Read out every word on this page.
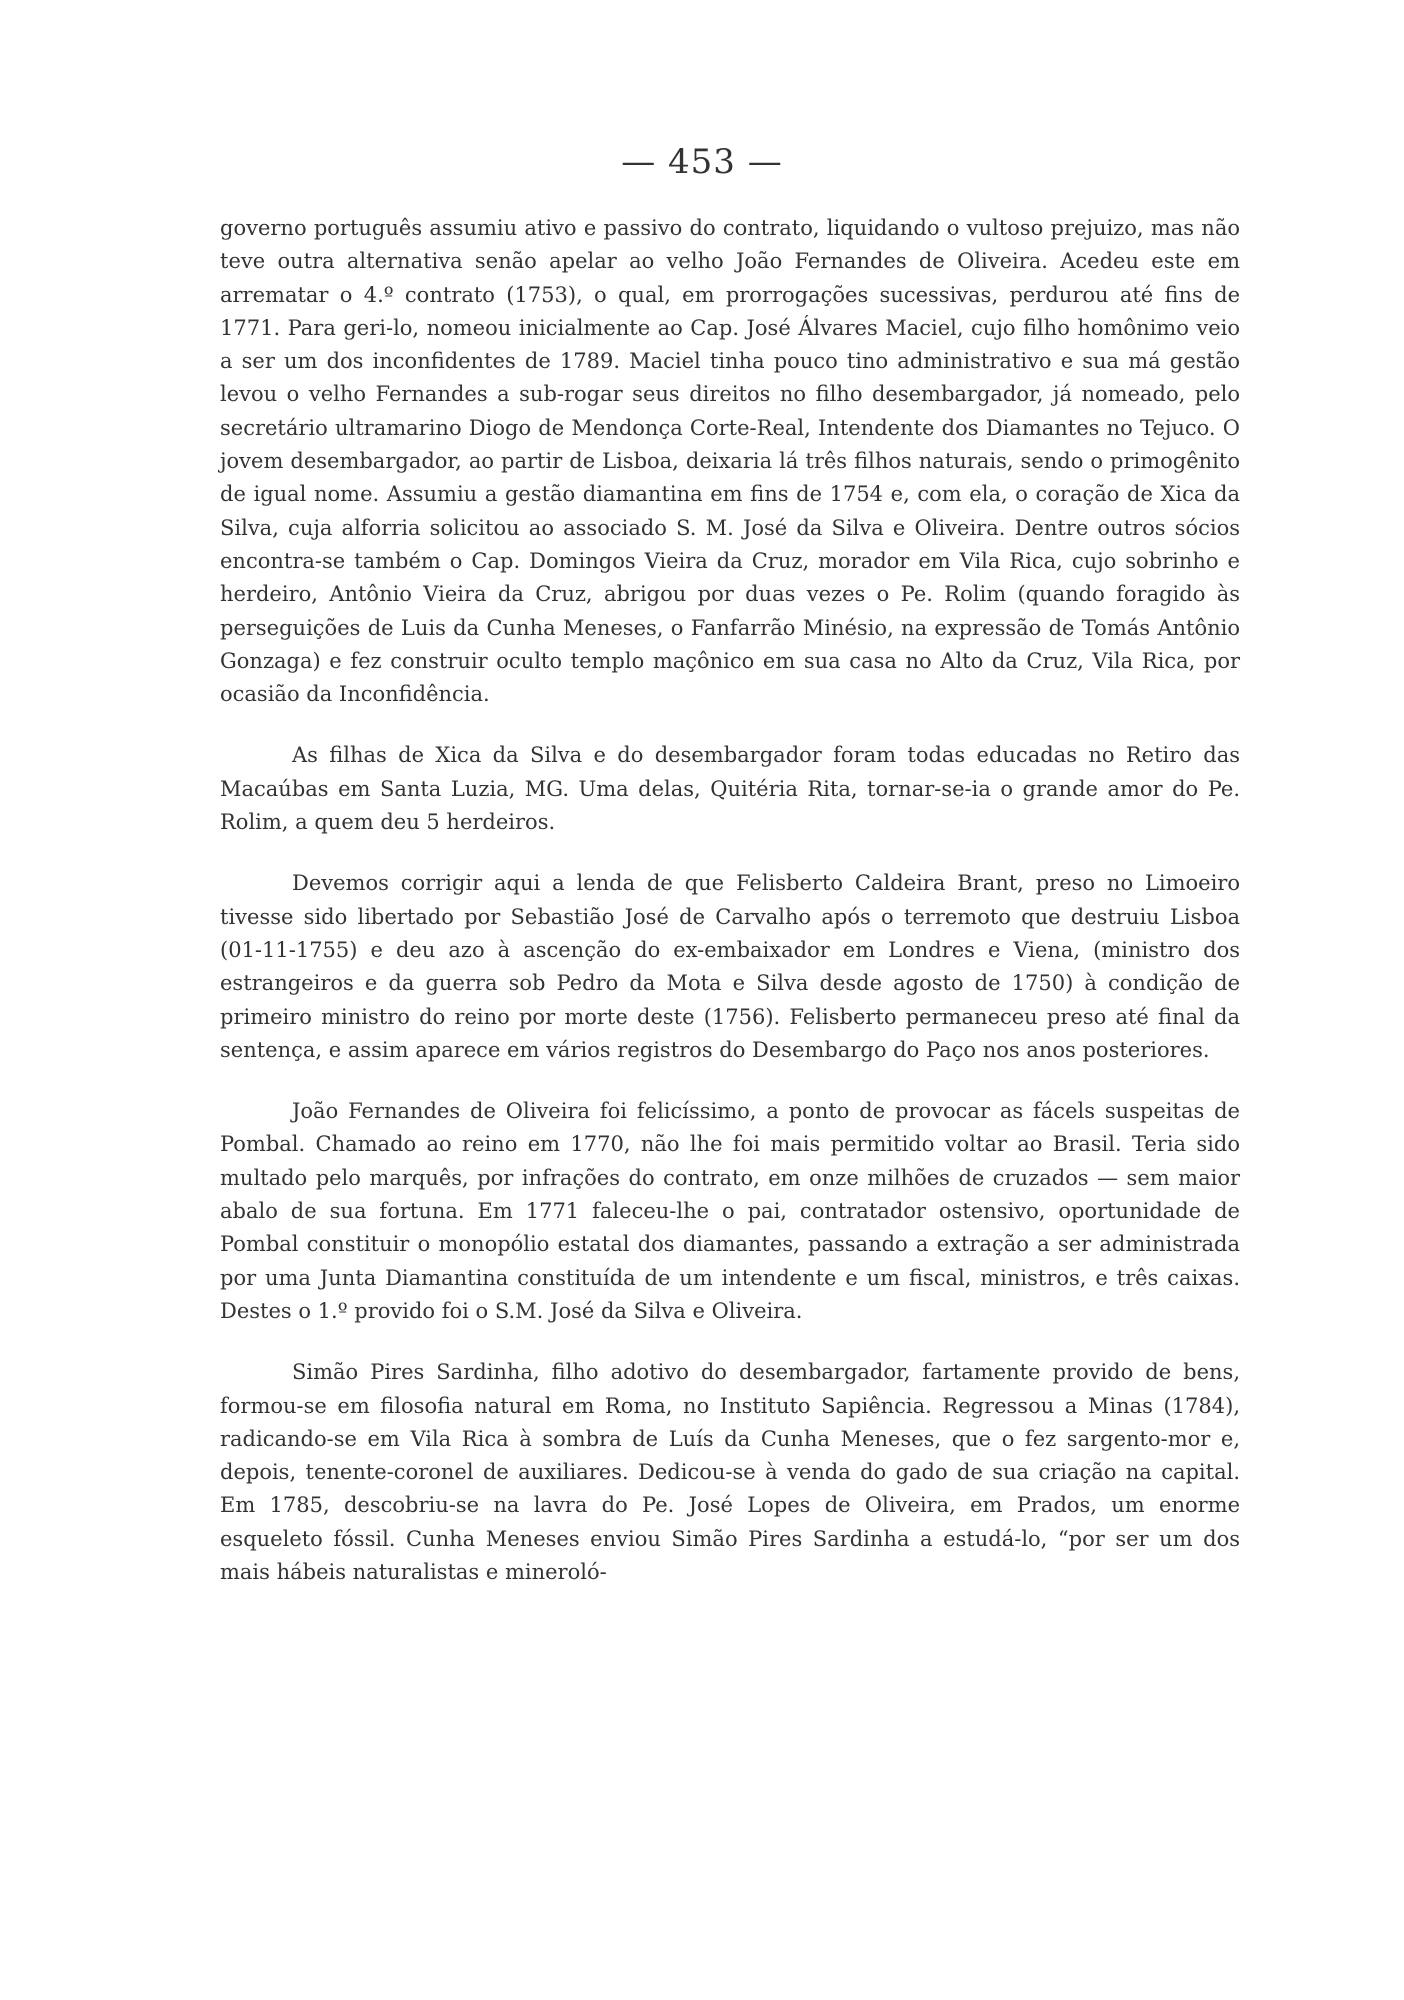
— 453 —

governo português assumiu ativo e passivo do contrato, liquidando o vultoso prejuizo, mas não teve outra alternativa senão apelar ao velho João Fernandes de Oliveira. Acedeu este em arrematar o 4.º contrato (1753), o qual, em prorrogações sucessivas, perdurou até fins de 1771. Para geri-lo, nomeou inicialmente ao Cap. José Álvares Maciel, cujo filho homônimo veio a ser um dos inconfidentes de 1789. Maciel tinha pouco tino administrativo e sua má gestão levou o velho Fernandes a sub-rogar seus direitos no filho desembargador, já nomeado, pelo secretário ultramarino Diogo de Mendonça Corte-Real, Intendente dos Diamantes no Tejuco. O jovem desembargador, ao partir de Lisboa, deixaria lá três filhos naturais, sendo o primogênito de igual nome. Assumiu a gestão diamantina em fins de 1754 e, com ela, o coração de Xica da Silva, cuja alforria solicitou ao associado S. M. José da Silva e Oliveira. Dentre outros sócios encontra-se também o Cap. Domingos Vieira da Cruz, morador em Vila Rica, cujo sobrinho e herdeiro, Antônio Vieira da Cruz, abrigou por duas vezes o Pe. Rolim (quando foragido às perseguições de Luis da Cunha Meneses, o Fanfarrão Minésio, na expressão de Tomás Antônio Gonzaga) e fez construir oculto templo maçônico em sua casa no Alto da Cruz, Vila Rica, por ocasião da Inconfidência.

As filhas de Xica da Silva e do desembargador foram todas educadas no Retiro das Macaúbas em Santa Luzia, MG. Uma delas, Quitéria Rita, tornar-se-ia o grande amor do Pe. Rolim, a quem deu 5 herdeiros.

Devemos corrigir aqui a lenda de que Felisberto Caldeira Brant, preso no Limoeiro tivesse sido libertado por Sebastião José de Carvalho após o terremoto que destruiu Lisboa (01-11-1755) e deu azo à ascenção do ex-embaixador em Londres e Viena, (ministro dos estrangeiros e da guerra sob Pedro da Mota e Silva desde agosto de 1750) à condição de primeiro ministro do reino por morte deste (1756). Felisberto permaneceu preso até final da sentença, e assim aparece em vários registros do Desembargo do Paço nos anos posteriores.

João Fernandes de Oliveira foi felicíssimo, a ponto de provocar as fácels suspeitas de Pombal. Chamado ao reino em 1770, não lhe foi mais permitido voltar ao Brasil. Teria sido multado pelo marquês, por infrações do contrato, em onze milhões de cruzados — sem maior abalo de sua fortuna. Em 1771 faleceu-lhe o pai, contratador ostensivo, oportunidade de Pombal constituir o monopólio estatal dos diamantes, passando a extração a ser administrada por uma Junta Diamantina constituída de um intendente e um fiscal, ministros, e três caixas. Destes o 1.º provido foi o S.M. José da Silva e Oliveira.

Simão Pires Sardinha, filho adotivo do desembargador, fartamente provido de bens, formou-se em filosofia natural em Roma, no Instituto Sapiência. Regressou a Minas (1784), radicando-se em Vila Rica à sombra de Luís da Cunha Meneses, que o fez sargento-mor e, depois, tenente-coronel de auxiliares. Dedicou-se à venda do gado de sua criação na capital. Em 1785, descobriu-se na lavra do Pe. José Lopes de Oliveira, em Prados, um enorme esqueleto fóssil. Cunha Meneses enviou Simão Pires Sardinha a estudá-lo, “por ser um dos mais hábeis naturalistas e mineroló-
